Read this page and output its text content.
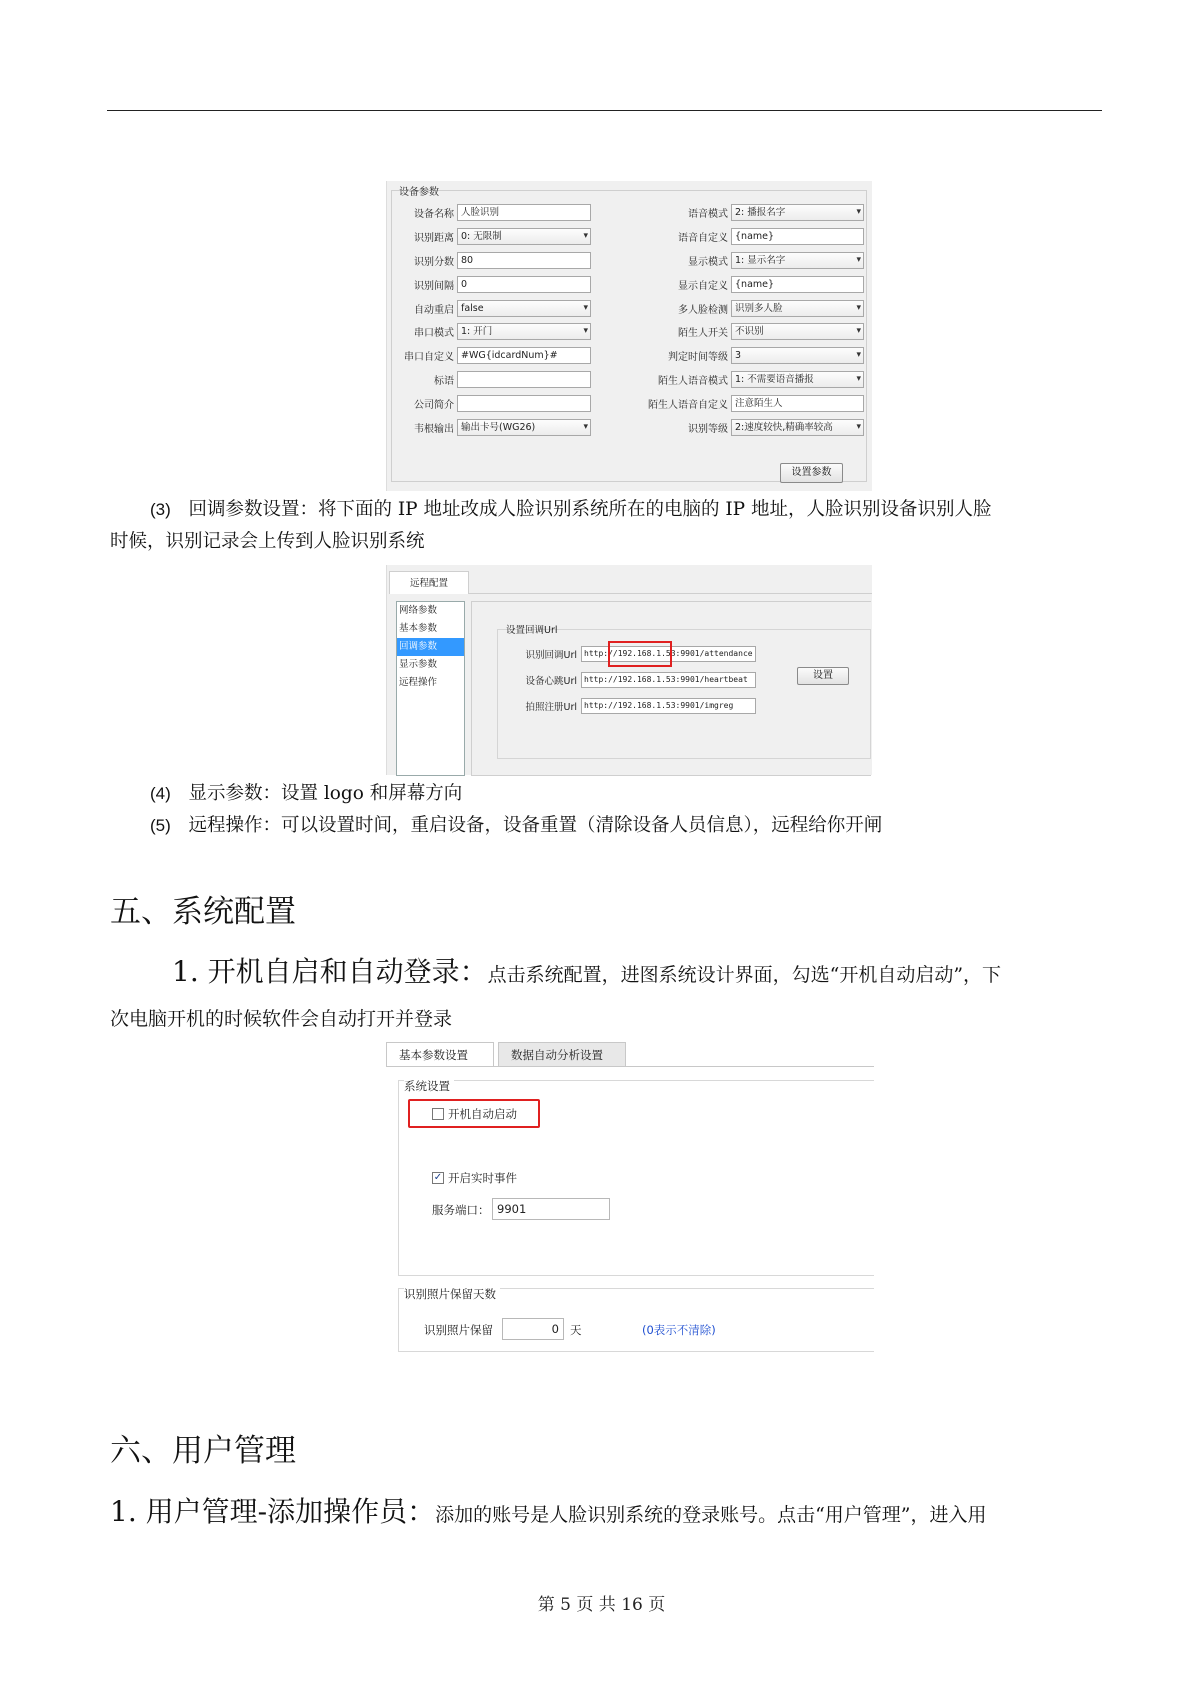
设备参数
设备名称	人脸识别	语音模式	2: 播报名字 ▾
识别距离	0: 无限制 ▾	语音自定义	{name}
识别分数	80	显示模式	1: 显示名字 ▾
识别间隔	0	显示自定义	{name}
自动重启	false ▾	多人脸检测	识别多人脸 ▾
串口模式	1: 开门 ▾	陌生人开关	不识别 ▾
串口自定义	#WG{idcardNum}#	判定时间等级	3 ▾
标语		陌生人语音模式	1: 不需要语音播报 ▾
公司简介		陌生人语音自定义	注意陌生人
韦根输出	输出卡号(WG26) ▾	识别等级	2:速度较快,精确率较高 ▾
设置参数
(3) 回调参数设置：将下面的 IP 地址改成人脸识别系统所在的电脑的 IP 地址，人脸识别设备识别人脸
时候，识别记录会上传到人脸识别系统
远程配置
网络参数
基本参数
回调参数
显示参数
远程操作
设置回调Url
识别回调Url http://192.168.1.53:9901/attendance
设备心跳Url http://192.168.1.53:9901/heartbeat
拍照注册Url http://192.168.1.53:9901/imgreg
设置
(4) 显示参数：设置 logo 和屏幕方向
(5) 远程操作：可以设置时间，重启设备，设备重置（清除设备人员信息），远程给你开闸
五、系统配置
1. 开机自启和自动登录：点击系统配置，进图系统设计界面，勾选“开机自动启动”，下
次电脑开机的时候软件会自动打开并登录
基本参数设置	数据自动分析设置
系统设置
开机自动启动
✓ 开启实时事件
服务端口： 9901
识别照片保留天数
识别照片保留	0 天	(0表示不清除)
六、用户管理
1. 用户管理-添加操作员：添加的账号是人脸识别系统的登录账号。点击“用户管理”，进入用
第 5 页 共 16 页
